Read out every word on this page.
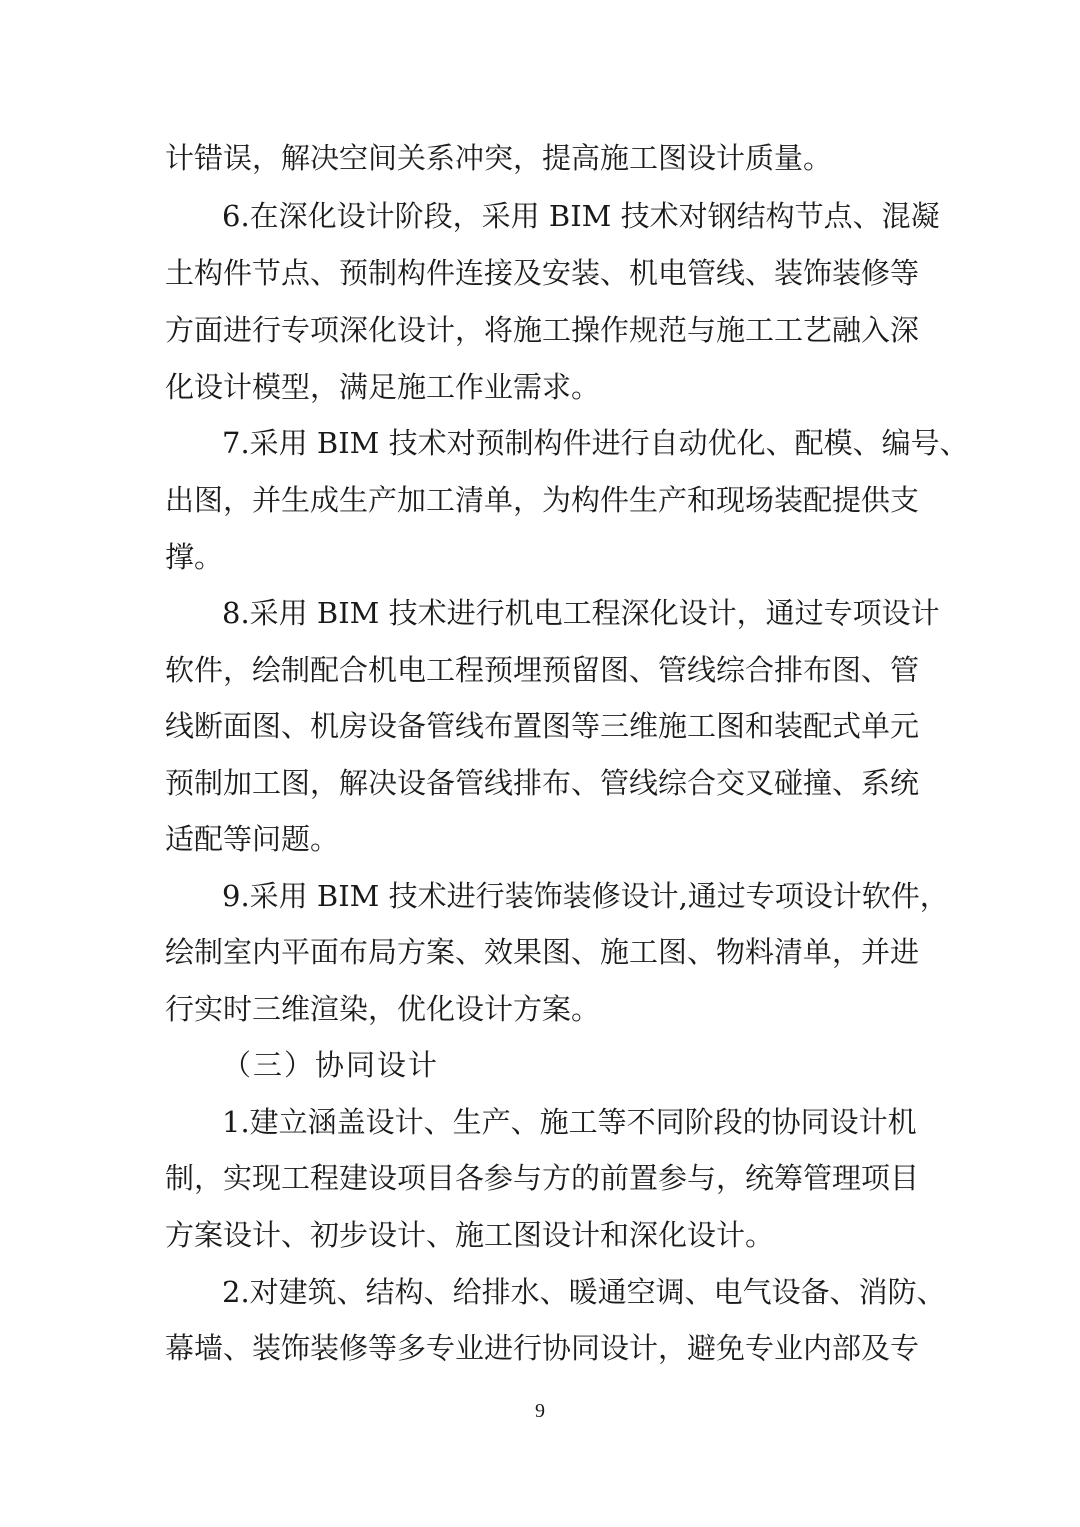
计错误，解决空间关系冲突，提高施工图设计质量。
6.在深化设计阶段，采用 BIM 技术对钢结构节点、混凝
土构件节点、预制构件连接及安装、机电管线、装饰装修等
方面进行专项深化设计，将施工操作规范与施工工艺融入深
化设计模型，满足施工作业需求。
7.采用 BIM 技术对预制构件进行自动优化、配模、编号、
出图，并生成生产加工清单，为构件生产和现场装配提供支
撑。
8.采用 BIM 技术进行机电工程深化设计，通过专项设计
软件，绘制配合机电工程预埋预留图、管线综合排布图、管
线断面图、机房设备管线布置图等三维施工图和装配式单元
预制加工图，解决设备管线排布、管线综合交叉碰撞、系统
适配等问题。
9.采用 BIM 技术进行装饰装修设计,通过专项设计软件，
绘制室内平面布局方案、效果图、施工图、物料清单，并进
行实时三维渲染，优化设计方案。
（三）协同设计
1.建立涵盖设计、生产、施工等不同阶段的协同设计机
制，实现工程建设项目各参与方的前置参与，统筹管理项目
方案设计、初步设计、施工图设计和深化设计。
2.对建筑、结构、给排水、暖通空调、电气设备、消防、
幕墙、装饰装修等多专业进行协同设计，避免专业内部及专
9
